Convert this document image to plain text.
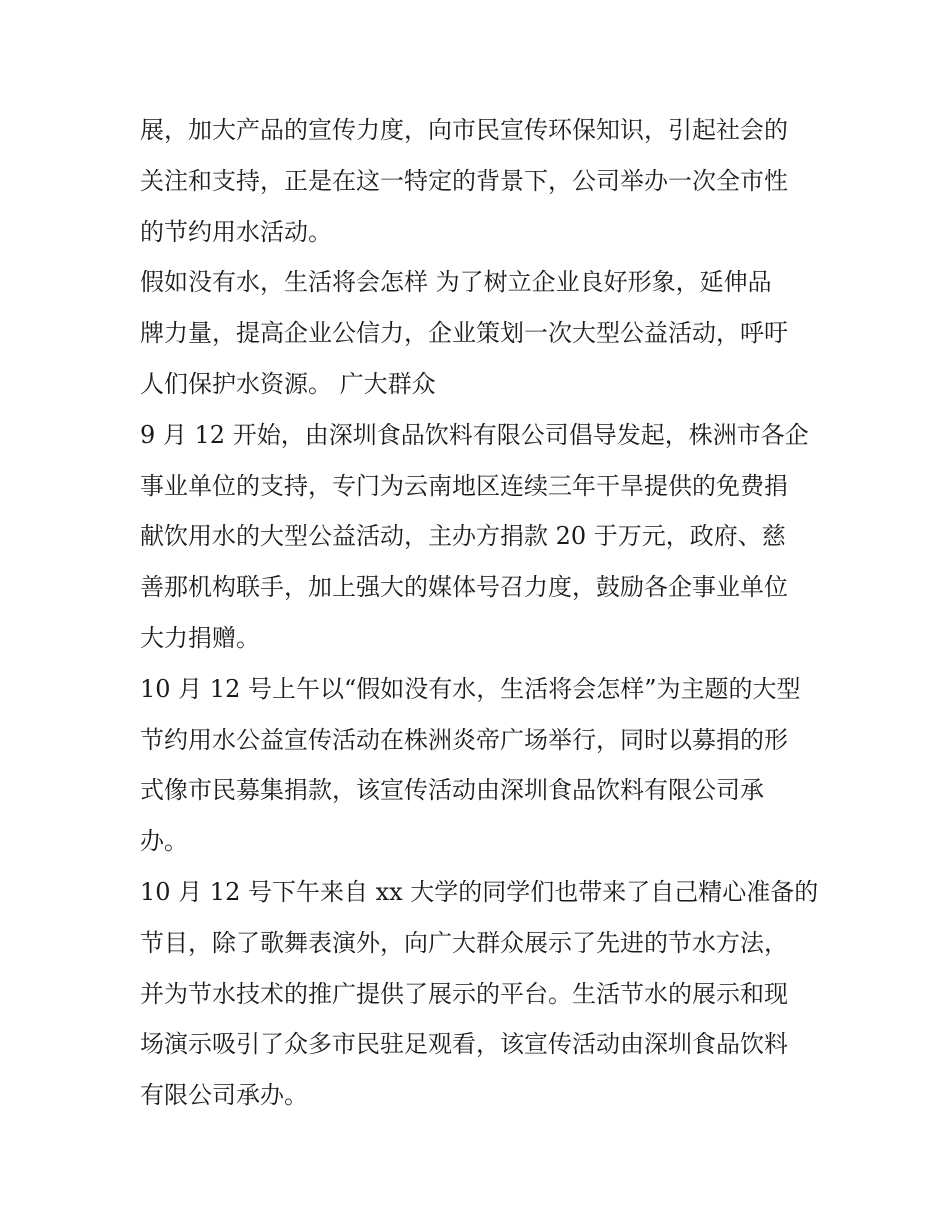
展，加大产品的宣传力度，向市民宣传环保知识，引起社会的
关注和支持，正是在这一特定的背景下，公司举办一次全市性
的节约用水活动。

假如没有水，生活将会怎样 为了树立企业良好形象，延伸品
牌力量，提高企业公信力，企业策划一次大型公益活动，呼吁
人们保护水资源。 广大群众

9 月 12 开始，由深圳食品饮料有限公司倡导发起，株洲市各企
事业单位的支持，专门为云南地区连续三年干旱提供的免费捐
献饮用水的大型公益活动，主办方捐款 20 于万元，政府、慈
善那机构联手，加上强大的媒体号召力度，鼓励各企事业单位
大力捐赠。

10 月 12 号上午以“假如没有水，生活将会怎样”为主题的大型
节约用水公益宣传活动在株洲炎帝广场举行，同时以募捐的形
式像市民募集捐款，该宣传活动由深圳食品饮料有限公司承
办。

10 月 12 号下午来自 xx 大学的同学们也带来了自己精心准备的
节目，除了歌舞表演外，向广大群众展示了先进的节水方法，
并为节水技术的推广提供了展示的平台。生活节水的展示和现
场演示吸引了众多市民驻足观看，该宣传活动由深圳食品饮料
有限公司承办。
